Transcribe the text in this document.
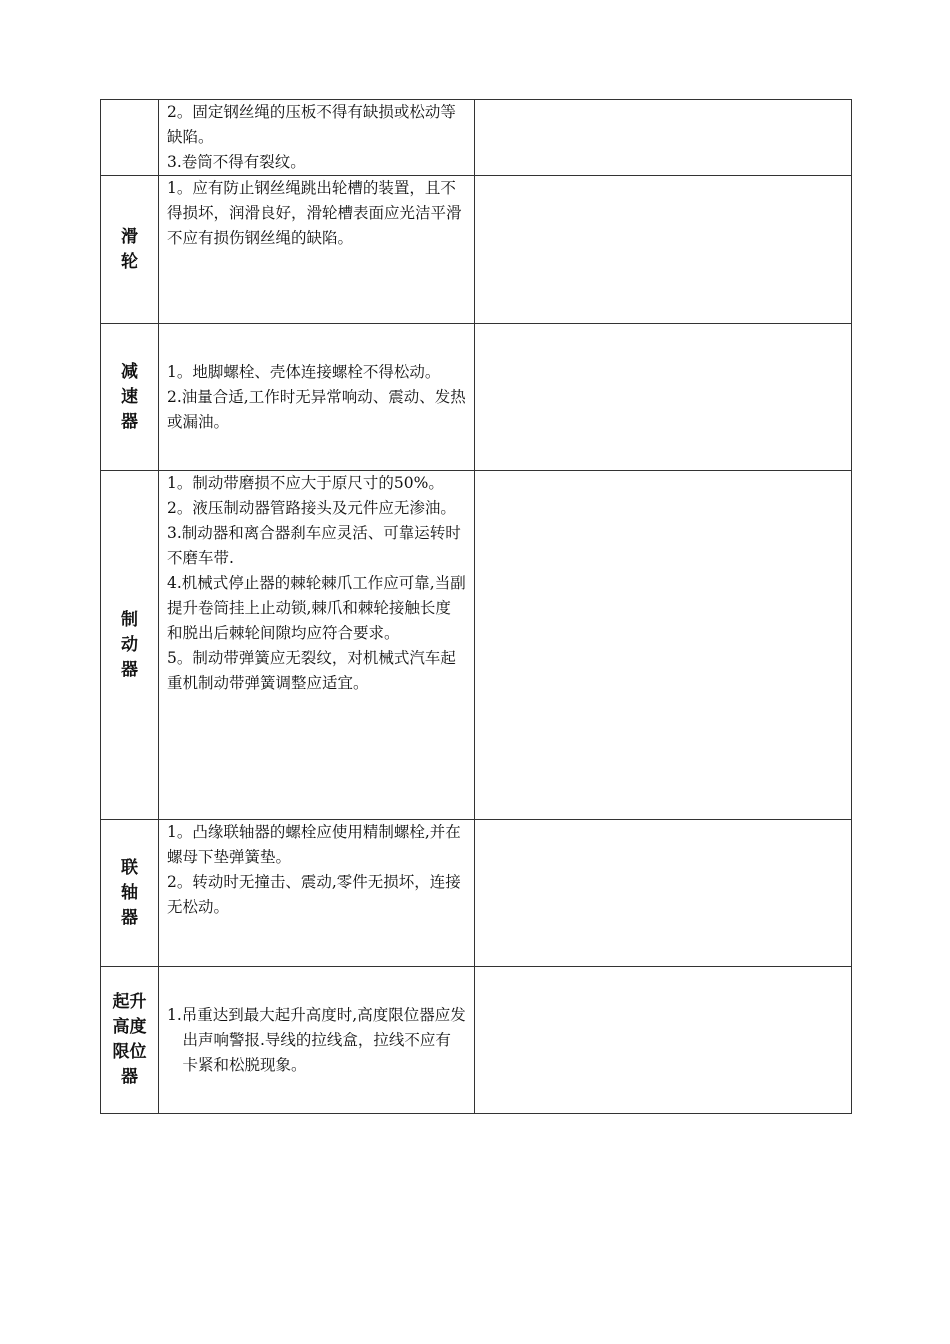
	2。固定钢丝绳的压板不得有缺损或松动等缺陷。
3.卷筒不得有裂纹。	

滑轮	1。应有防止钢丝绳跳出轮槽的装置，且不得损坏，润滑良好，滑轮槽表面应光洁平滑不应有损伤钢丝绳的缺陷。	

减速器	1。地脚螺栓、壳体连接螺栓不得松动。
2.油量合适,工作时无异常响动、震动、发热或漏油。	

制动器	1。制动带磨损不应大于原尺寸的50%。
2。液压制动器管路接头及元件应无渗油。
3.制动器和离合器刹车应灵活、可靠运转时不磨车带.
4.机械式停止器的棘轮棘爪工作应可靠,当副提升卷筒挂上止动锁,棘爪和棘轮接触长度和脱出后棘轮间隙均应符合要求。
5。制动带弹簧应无裂纹，对机械式汽车起重机制动带弹簧调整应适宜。	

联轴器	1。凸缘联轴器的螺栓应使用精制螺栓,并在螺母下垫弹簧垫。
2。转动时无撞击、震动,零件无损坏，连接无松动。	

起升高度限位器	1.吊重达到最大起升高度时,高度限位器应发出声响警报.导线的拉线盒，拉线不应有卡紧和松脱现象。	
